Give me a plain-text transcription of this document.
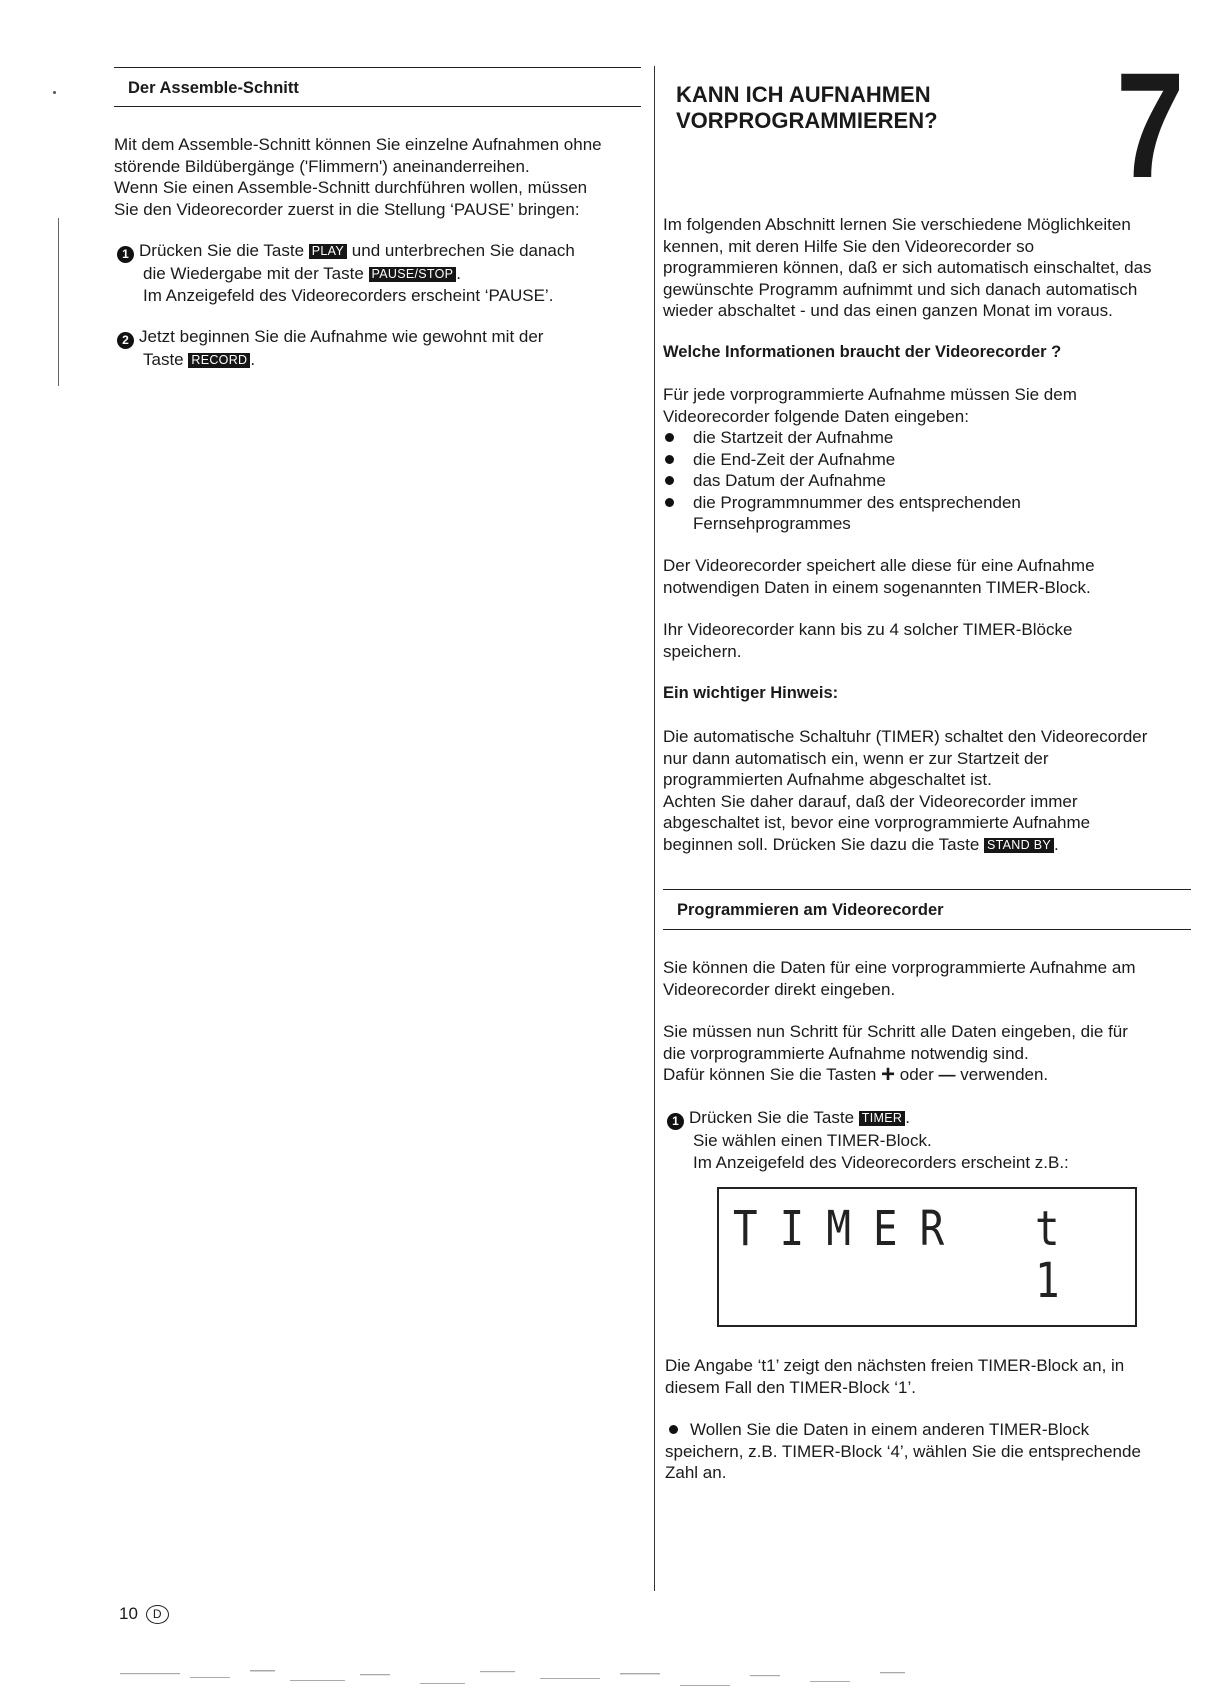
Der Assemble-Schnitt

Mit dem Assemble-Schnitt können Sie einzelne Aufnahmen ohne

störende Bildübergänge ('Flimmern') aneinanderreihen.

Wenn Sie einen Assemble-Schnitt durchführen wollen, müssen

Sie den Videorecorder zuerst in die Stellung ‘PAUSE’ bringen:

1 Drücken Sie die Taste PLAY und unterbrechen Sie danach

die Wiedergabe mit der Taste PAUSE/STOP .

Im Anzeigefeld des Videorecorders erscheint ‘PAUSE’.

2 Jetzt beginnen Sie die Aufnahme wie gewohnt mit der

Taste RECORD .

KANN ICH AUFNAHMEN

VORPROGRAMMIEREN? 7

Im folgenden Abschnitt lernen Sie verschiedene Möglichkeiten

kennen, mit deren Hilfe Sie den Videorecorder so

programmieren können, daß er sich automatisch einschaltet, das

gewünschte Programm aufnimmt und sich danach automatisch

wieder abschaltet - und das einen ganzen Monat im voraus.

Welche Informationen braucht der Videorecorder ?

Für jede vorprogrammierte Aufnahme müssen Sie dem

Videorecorder folgende Daten eingeben:

die Startzeit der Aufnahme
die End-Zeit der Aufnahme
das Datum der Aufnahme
die Programmnummer des entsprechenden
Fernsehprogrammes

Der Videorecorder speichert alle diese für eine Aufnahme

notwendigen Daten in einem sogenannten TIMER-Block.

Ihr Videorecorder kann bis zu 4 solcher TIMER-Blöcke

speichern.

Ein wichtiger Hinweis:

Die automatische Schaltuhr (TIMER) schaltet den Videorecorder

nur dann automatisch ein, wenn er zur Startzeit der

programmierten Aufnahme abgeschaltet ist.

Achten Sie daher darauf, daß der Videorecorder immer

abgeschaltet ist, bevor eine vorprogrammierte Aufnahme

beginnen soll. Drücken Sie dazu die Taste STAND BY .

Programmieren am Videorecorder

Sie können die Daten für eine vorprogrammierte Aufnahme am

Videorecorder direkt eingeben.

Sie müssen nun Schritt für Schritt alle Daten eingeben, die für

die vorprogrammierte Aufnahme notwendig sind.

Dafür können Sie die Tasten + oder — verwenden.

1 Drücken Sie die Taste TIMER .

Sie wählen einen TIMER-Block.

Im Anzeigefeld des Videorecorders erscheint z.B.:

TIMER t 1

Die Angabe ‘t1’ zeigt den nächsten freien TIMER-Block an, in

diesem Fall den TIMER-Block ‘1’.

Wollen Sie die Daten in einem anderen TIMER-Block

speichern, z.B. TIMER-Block ‘4’, wählen Sie die entsprechende

Zahl an.

10 D
